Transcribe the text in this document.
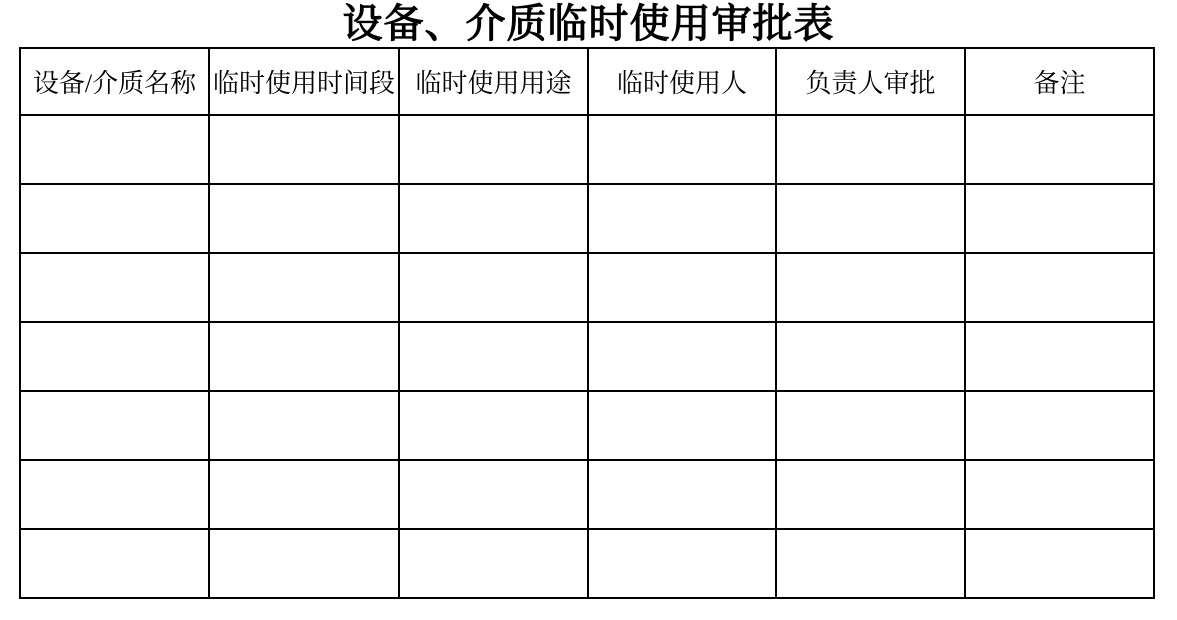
设备、介质临时使用审批表
设备/介质名称	临时使用时间段	临时使用用途	临时使用人	负责人审批	备注
